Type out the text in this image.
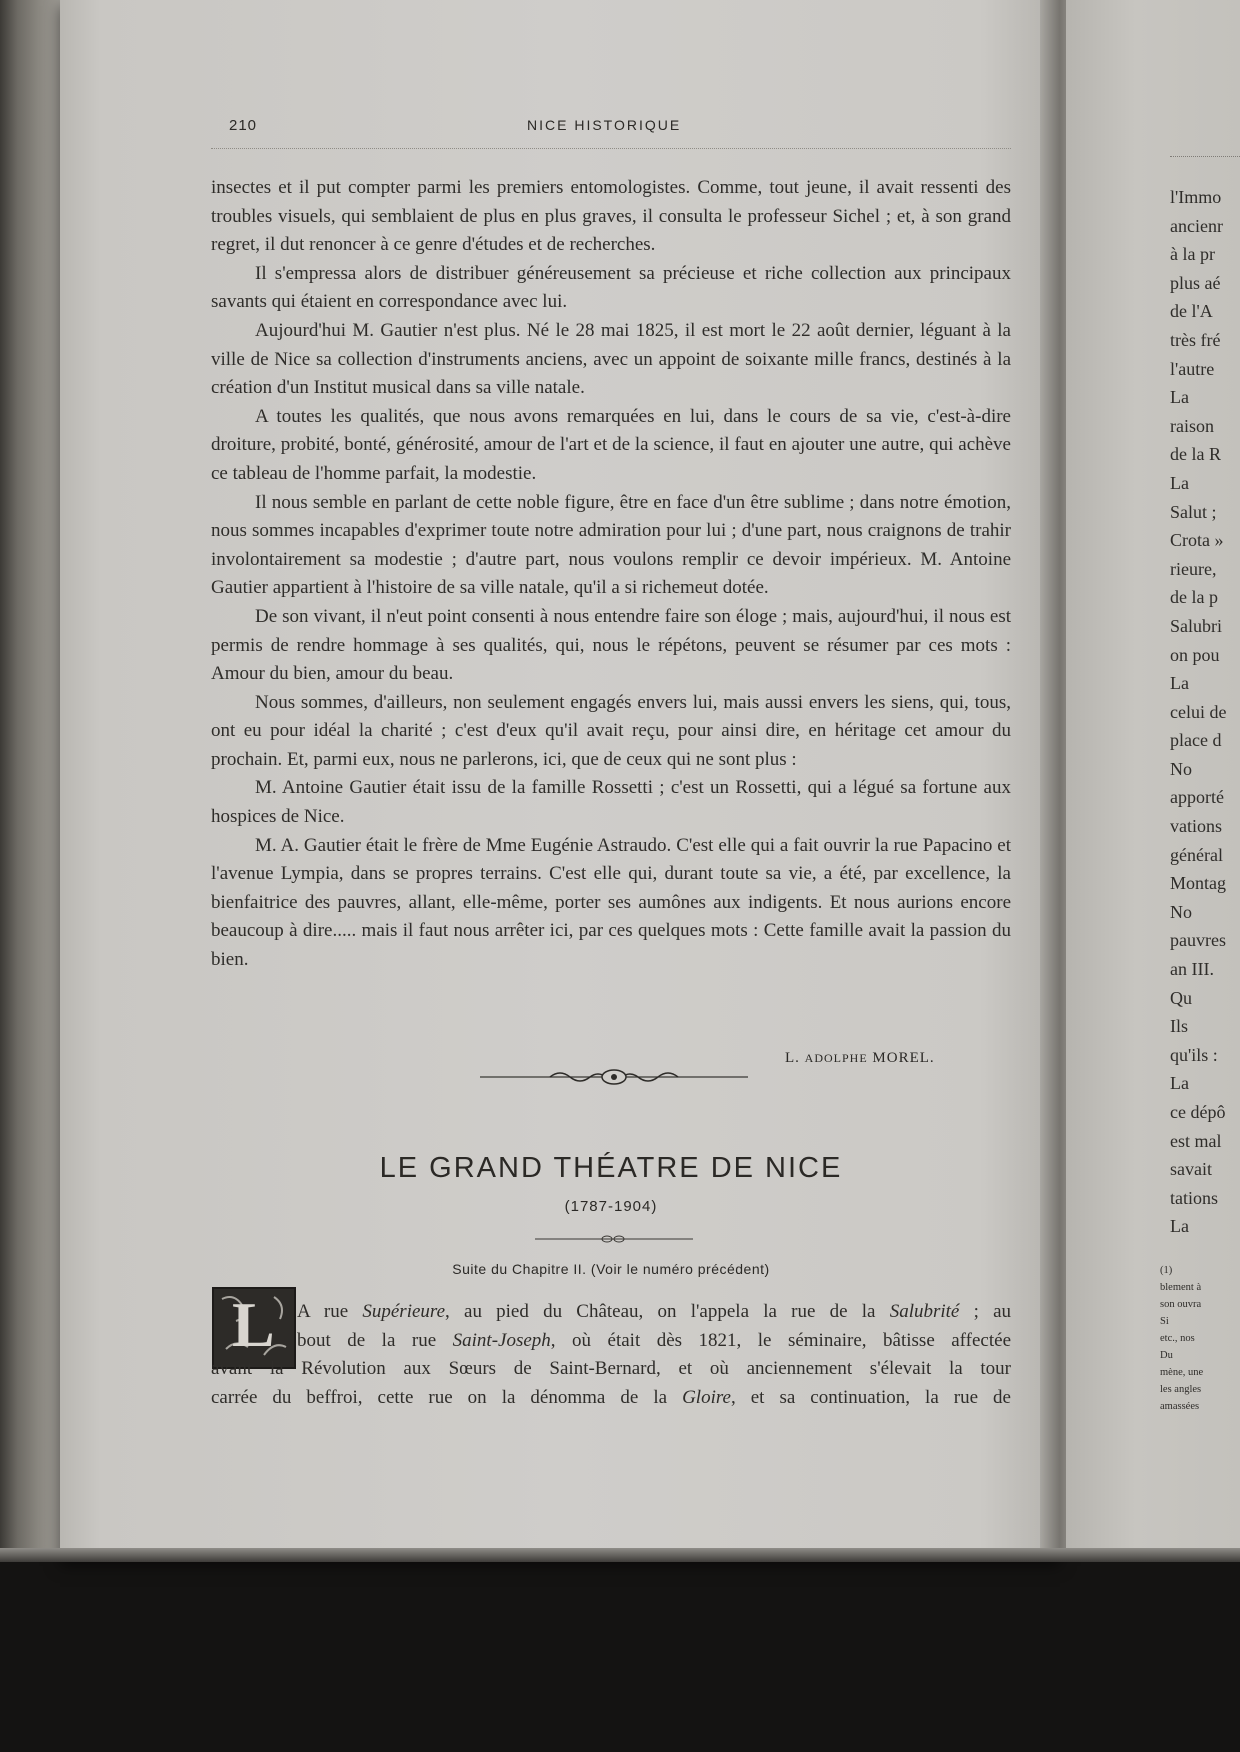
210	NICE HISTORIQUE

insectes et il put compter parmi les premiers entomologistes. Comme, tout jeune, il avait ressenti des troubles visuels, qui semblaient de plus en plus graves, il consulta le professeur Sichel ; et, à son grand regret, il dut renoncer à ce genre d'études et de recherches.

Il s'empressa alors de distribuer généreusement sa précieuse et riche collection aux principaux savants qui étaient en correspondance avec lui.

Aujourd'hui M. Gautier n'est plus. Né le 28 mai 1825, il est mort le 22 août dernier, léguant à la ville de Nice sa collection d'instruments anciens, avec un appoint de soixante mille francs, destinés à la création d'un Institut musical dans sa ville natale.

A toutes les qualités, que nous avons remarquées en lui, dans le cours de sa vie, c'est-à-dire droiture, probité, bonté, générosité, amour de l'art et de la science, il faut en ajouter une autre, qui achève ce tableau de l'homme parfait, la modestie.

Il nous semble en parlant de cette noble figure, être en face d'un être sublime ; dans notre émotion, nous sommes incapables d'exprimer toute notre admiration pour lui ; d'une part, nous craignons de trahir involontairement sa modestie ; d'autre part, nous voulons remplir ce devoir impérieux. M. Antoine Gautier appartient à l'histoire de sa ville natale, qu'il a si richemeut dotée.

De son vivant, il n'eut point consenti à nous entendre faire son éloge ; mais, aujourd'hui, il nous est permis de rendre hommage à ses qualités, qui, nous le répétons, peuvent se résumer par ces mots : Amour du bien, amour du beau.

Nous sommes, d'ailleurs, non seulement engagés envers lui, mais aussi envers les siens, qui, tous, ont eu pour idéal la charité ; c'est d'eux qu'il avait reçu, pour ainsi dire, en héritage cet amour du prochain. Et, parmi eux, nous ne parlerons, ici, que de ceux qui ne sont plus :

M. Antoine Gautier était issu de la famille Rossetti ; c'est un Rossetti, qui a légué sa fortune aux hospices de Nice.

M. A. Gautier était le frère de Mme Eugénie Astraudo. C'est elle qui a fait ouvrir la rue Papacino et l'avenue Lympia, dans se propres terrains. C'est elle qui, durant toute sa vie, a été, par excellence, la bienfaitrice des pauvres, allant, elle-même, porter ses aumônes aux indigents. Et nous aurions encore beaucoup à dire..... mais il faut nous arrêter ici, par ces quelques mots : Cette famille avait la passion du bien.

L. ADOLPHE MOREL.
LE GRAND THÉATRE DE NICE
(1787-1904)
Suite du Chapitre II. (Voir le numéro précédent)
L	A rue Supérieure, au pied du Château, on l'appela la rue de la Salubrité ; au
bout de la rue Saint-Joseph, où était dès 1821, le séminaire, bâtisse affectée
avant la Révolution aux Sœurs de Saint-Bernard, et où anciennement s'élevait la tour
carrée du beffroi, cette rue on la dénomma de la Gloire, et sa continuation, la rue de
l'Immo
ancienr
à la pr
plus aé
de l'A
très fré
l'autre
La
raison
de la R
La
Salut ;
Crota »
rieure,
de la p
Salubri
on pou
La
celui de
place d
No
apporté
vations
général
Montag
No
pauvres
an III.
Qu
Ils
qu'ils :
La
ce dépô
est mal
savait
tations
La
(1)
blement à
son ouvra
Si
etc., nos
Du
mène, une
les angles
amassées
